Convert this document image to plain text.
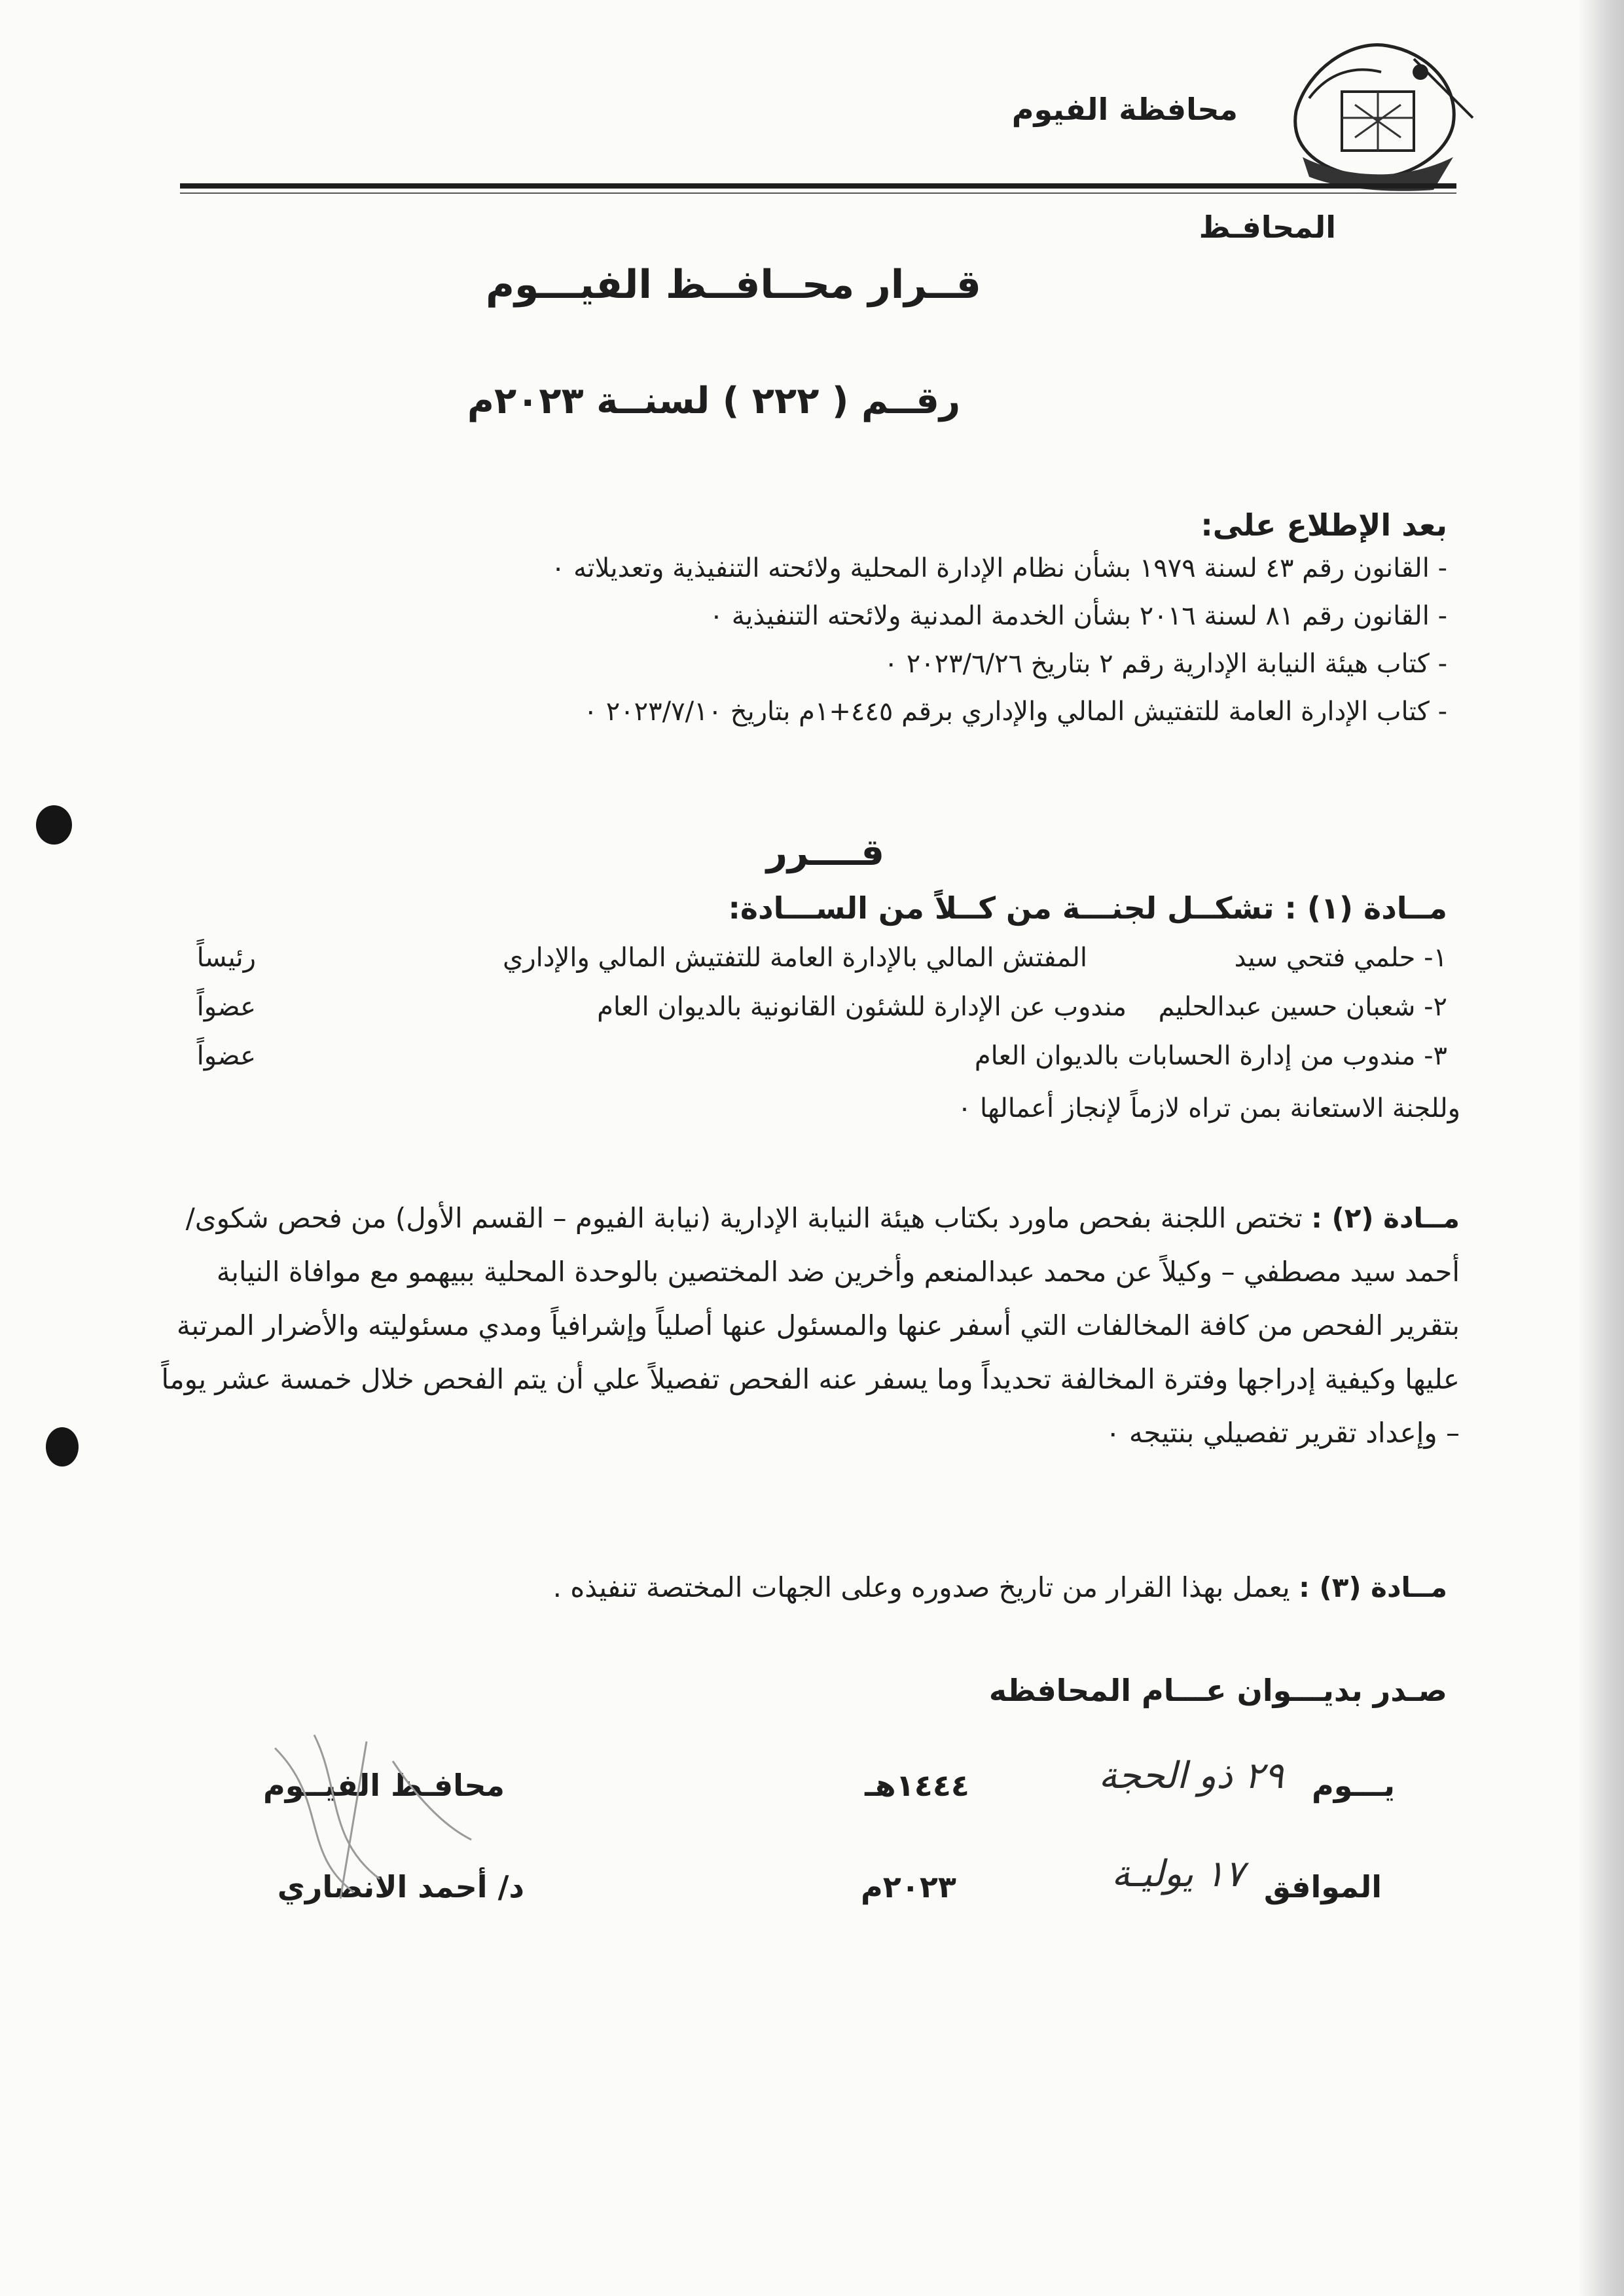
محافظة الفيوم
المحافـظ
قــرار محــافــظ الفيـــوم
رقــم ( ٢٢٢ ) لسنــة ٢٠٢٣م
بعد الإطلاع على:
- القانون رقم ٤٣ لسنة ١٩٧٩ بشأن نظام الإدارة المحلية ولائحته التنفيذية وتعديلاته ٠
- القانون رقم ٨١ لسنة ٢٠١٦ بشأن الخدمة المدنية ولائحته التنفيذية ٠
- كتاب هيئة النيابة الإدارية رقم ٢ بتاريخ ٢٠٢٣/٦/٢٦ ٠
- كتاب الإدارة العامة للتفتيش المالي والإداري برقم ٤٤٥+١م بتاريخ ٢٠٢٣/٧/١٠ ٠
قــــرر
مــادة (١) : تشكــل لجنـــة من كــلاً من الســـادة:
١- حلمي فتحي سيد
المفتش المالي بالإدارة العامة للتفتيش المالي والإداري
رئيساً
٢- شعبان حسين عبدالحليم
مندوب عن الإدارة للشئون القانونية بالديوان العام
عضواً
٣- مندوب من إدارة الحسابات بالديوان العام
عضواً
وللجنة الاستعانة بمن تراه لازماً لإنجاز أعمالها ٠
مــادة (٢) : تختص اللجنة بفحص ماورد بكتاب هيئة النيابة الإدارية (نيابة الفيوم – القسم الأول) من فحص شكوى/ أحمد سيد مصطفي – وكيلاً عن محمد عبدالمنعم وأخرين ضد المختصين بالوحدة المحلية ببيهمو مع موافاة النيابة بتقرير الفحص من كافة المخالفات التي أسفر عنها والمسئول عنها أصلياً وإشرافياً ومدي مسئوليته والأضرار المرتبة عليها وكيفية إدراجها وفترة المخالفة تحديداً وما يسفر عنه الفحص تفصيلاً علي أن يتم الفحص خلال خمسة عشر يوماً – وإعداد تقرير تفصيلي بنتيجه ٠
مــادة (٣) : يعمل بهذا القرار من تاريخ صدوره وعلى الجهات المختصة تنفيذه .
صـدر بديـــوان عـــام المحافظه
يـــوم
٢٩ ذو الحجة
١٤٤٤هـ
الموافق
١٧ يوليـة
٢٠٢٣م
محافـظ الفيــوم
د/ أحمد الانصاري
